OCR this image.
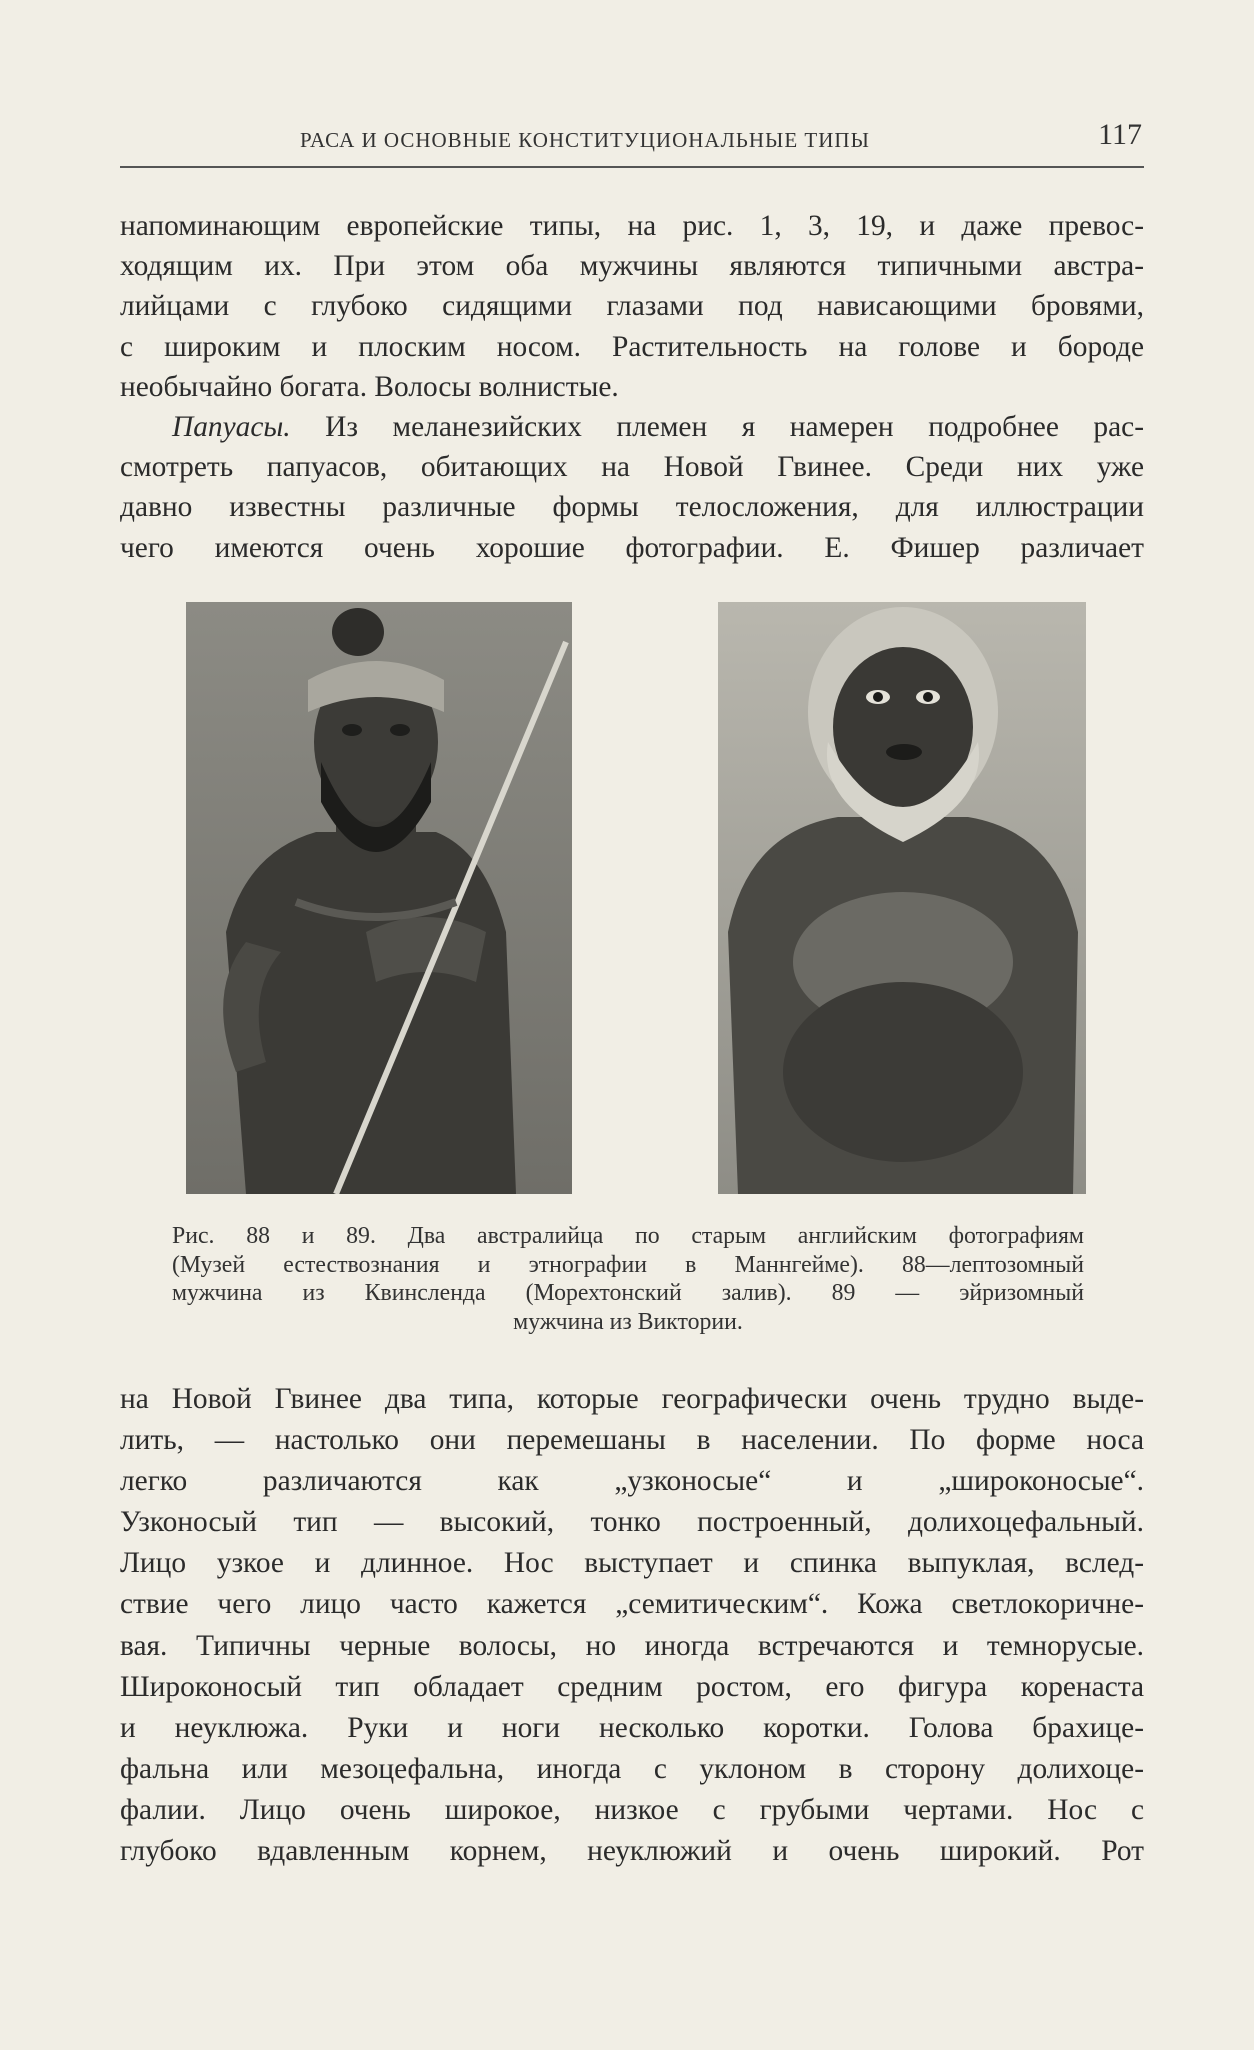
РАСА И ОСНОВНЫЕ КОНСТИТУЦИОНАЛЬНЫЕ ТИПЫ	117
напоминающим европейские типы, на рис. 1, 3, 19, и даже превос-
ходящим их. При этом оба мужчины являются типичными австра-
лийцами с глубоко сидящими глазами под нависающими бровями,
с широким и плоским носом. Растительность на голове и бороде
необычайно богата. Волосы волнистые.
Папуасы. Из меланезийских племен я намерен подробнее рас-
смотреть папуасов, обитающих на Новой Гвинее. Среди них уже
давно известны различные формы телосложения, для иллюстрации
чего имеются очень хорошие фотографии. Е. Фишер различает
Рис. 88 и 89. Два австралийца по старым английским фотографиям
(Музей естествознания и этнографии в Маннгейме). 88—лептозомный
мужчина из Квинсленда (Морехтонский залив). 89 — эйризомный
мужчина из Виктории.
на Новой Гвинее два типа, которые географически очень трудно выде-
лить, — настолько они перемешаны в населении. По форме носа
легко различаются как „узконосые“ и „широконосые“.
Узконосый тип — высокий, тонко построенный, долихоцефальный.
Лицо узкое и длинное. Нос выступает и спинка выпуклая, вслед-
ствие чего лицо часто кажется „семитическим“. Кожа светлокоричне-
вая. Типичны черные волосы, но иногда встречаются и темнорусые.
Широконосый тип обладает средним ростом, его фигура коренаста
и неуклюжа. Руки и ноги несколько коротки. Голова брахице-
фальна или мезоцефальна, иногда с уклоном в сторону долихоце-
фалии. Лицо очень широкое, низкое с грубыми чертами. Нос с
глубоко вдавленным корнем, неуклюжий и очень широкий. Рот
